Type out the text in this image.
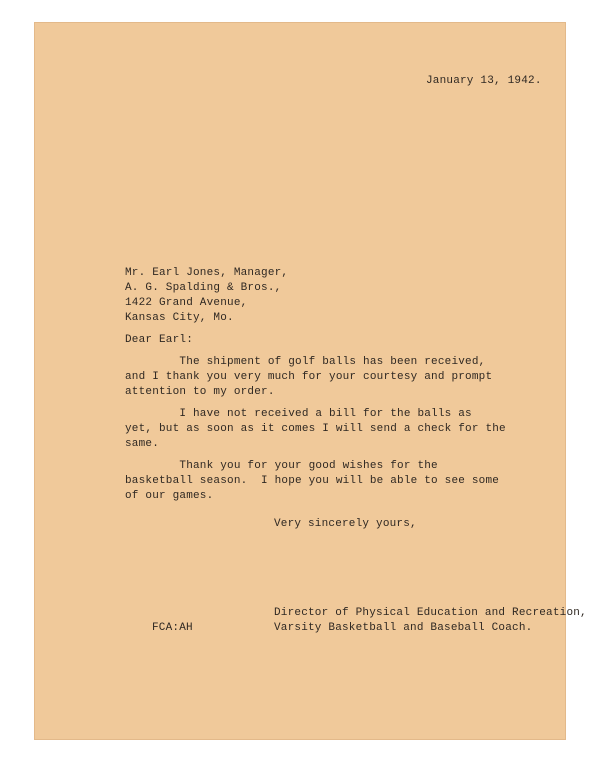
January 13, 1942.
Mr. Earl Jones, Manager,
A. G. Spalding & Bros.,
1422 Grand Avenue,
Kansas City, Mo.
Dear Earl:
The shipment of golf balls has been received,
and I thank you very much for your courtesy and prompt
attention to my order.
I have not received a bill for the balls as
yet, but as soon as it comes I will send a check for the
same.
Thank you for your good wishes for the
basketball season.  I hope you will be able to see some
of our games.
Very sincerely yours,
Director of Physical Education and Recreation,
Varsity Basketball and Baseball Coach.
FCA:AH
